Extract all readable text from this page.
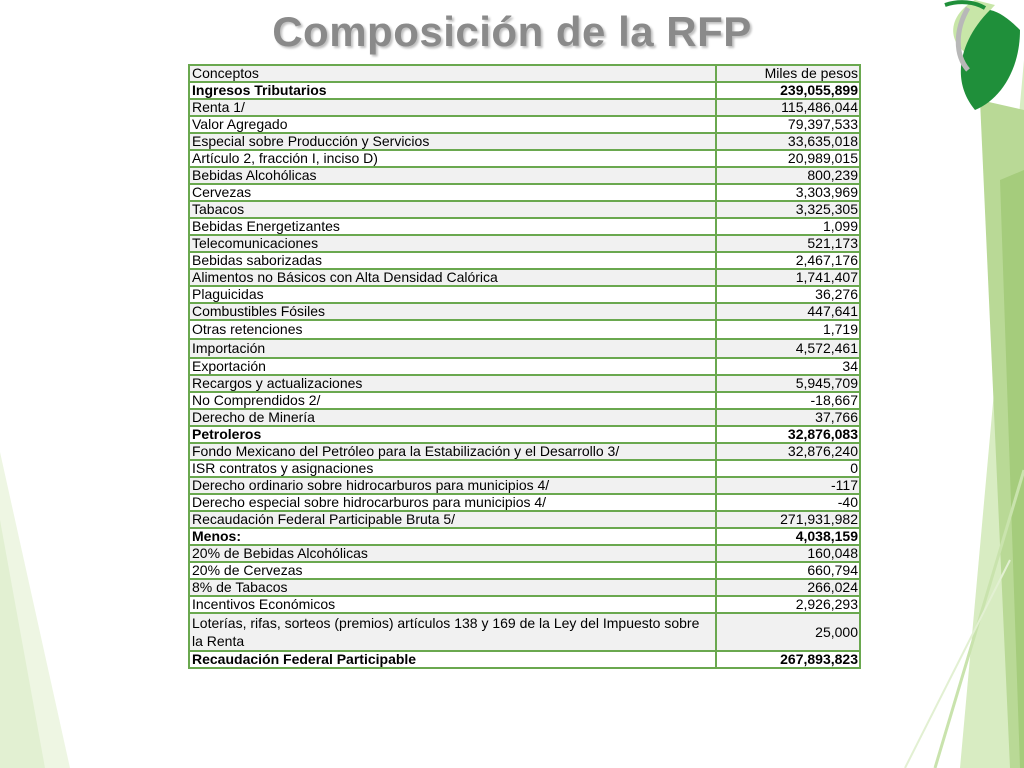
Composición de la RFP
Conceptos	Miles de pesos
Ingresos Tributarios	239,055,899
Renta 1/	115,486,044
Valor Agregado	79,397,533
Especial sobre Producción y Servicios	33,635,018
Artículo 2, fracción I, inciso D)	20,989,015
Bebidas Alcohólicas	800,239
Cervezas	3,303,969
Tabacos	3,325,305
Bebidas Energetizantes	1,099
Telecomunicaciones	521,173
Bebidas saborizadas	2,467,176
Alimentos no Básicos con Alta Densidad Calórica	1,741,407
Plaguicidas	36,276
Combustibles Fósiles	447,641
Otras retenciones	1,719
Importación	4,572,461
Exportación	34
Recargos y actualizaciones	5,945,709
No Comprendidos 2/	-18,667
Derecho de Minería	37,766
Petroleros	32,876,083
Fondo Mexicano del Petróleo para la Estabilización y el Desarrollo 3/	32,876,240
ISR contratos y asignaciones	0
Derecho ordinario sobre hidrocarburos para municipios 4/	-117
Derecho especial sobre hidrocarburos para municipios 4/	-40
Recaudación Federal Participable Bruta 5/	271,931,982
Menos:	4,038,159
20% de Bebidas Alcohólicas	160,048
20% de Cervezas	660,794
8% de Tabacos	266,024
Incentivos Económicos	2,926,293
Loterías, rifas, sorteos (premios) artículos 138 y 169 de la Ley del Impuesto sobre la Renta	25,000
Recaudación Federal Participable	267,893,823
